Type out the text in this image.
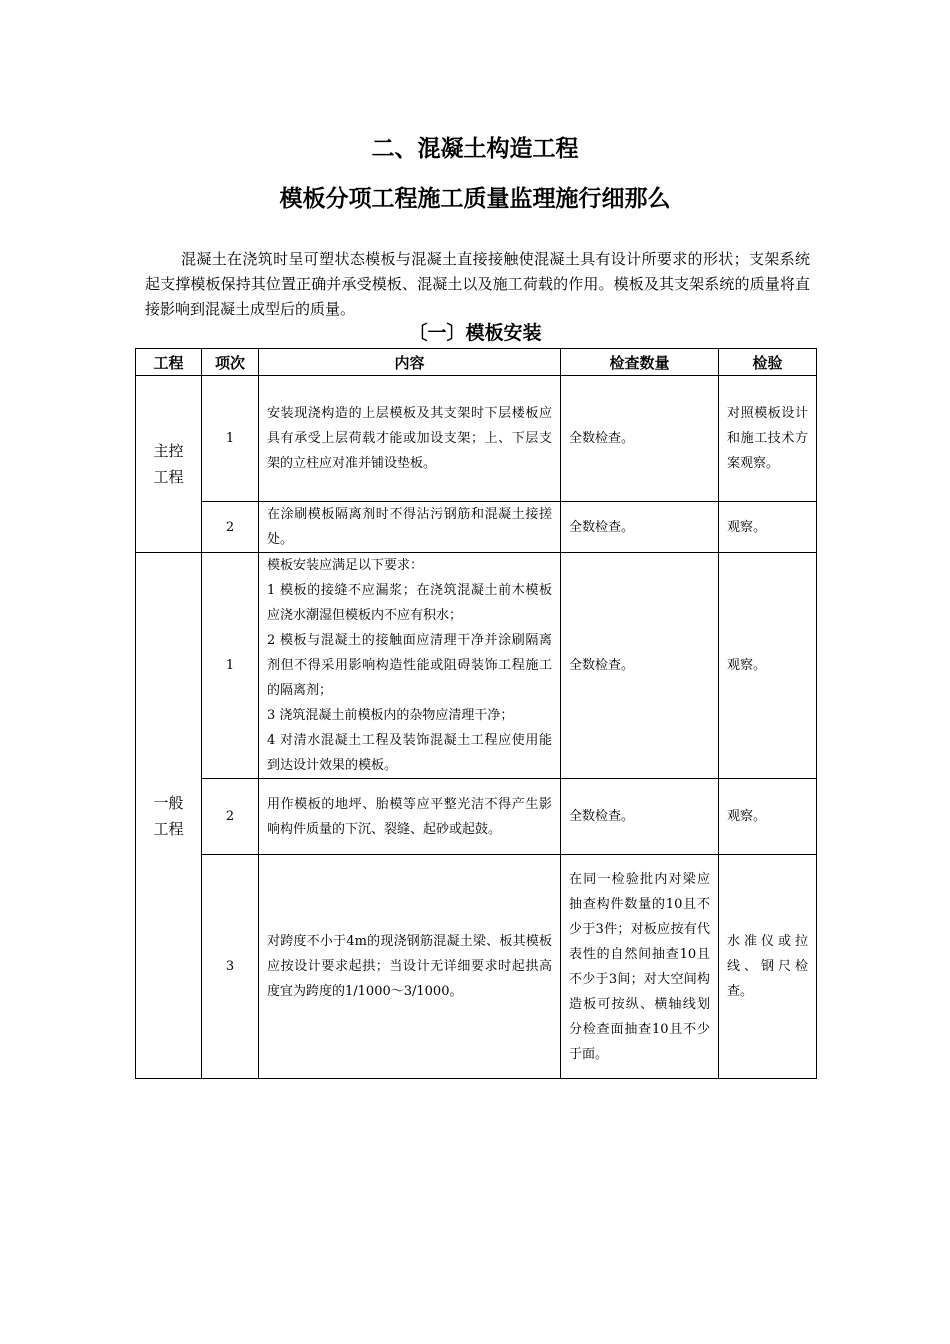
二、混凝土构造工程
模板分项工程施工质量监理施行细那么

混凝土在浇筑时呈可塑状态模板与混凝土直接接触使混凝土具有设计所要求的形状；支架系统起支撑模板保持其位置正确并承受模板、混凝土以及施工荷载的作用。模板及其支架系统的质量将直接影响到混凝土成型后的质量。

〔一〕模板安装
工程	项次	内容	检查数量	检验

主控
工程	1	安装现浇构造的上层模板及其支架时下层楼板应具有承受上层荷载才能或加设支架；上、下层支架的立柱应对准并铺设垫板。	全数检查。	对照模板设计和施工技术方案观察。
	2	在涂刷模板隔离剂时不得沾污钢筋和混凝土接搓处。	全数检查。	观察。

一般
工程	1	模板安装应满足以下要求：
1 模板的接缝不应漏浆；在浇筑混凝土前木模板应浇水潮湿但模板内不应有积水；
2 模板与混凝土的接触面应清理干净并涂刷隔离剂但不得采用影响构造性能或阻碍装饰工程施工的隔离剂；
3 浇筑混凝土前模板内的杂物应清理干净；
4 对清水混凝土工程及装饰混凝土工程应使用能到达设计效果的模板。	全数检查。	观察。
	2	用作模板的地坪、胎模等应平整光洁不得产生影响构件质量的下沉、裂缝、起砂或起鼓。	全数检查。	观察。
	3	对跨度不小于4m的现浇钢筋混凝土梁、板其模板应按设计要求起拱；当设计无详细要求时起拱高度宜为跨度的1/1000～3/1000。	在同一检验批内对梁应抽查构件数量的10且不少于3件；对板应按有代表性的自然间抽查10且不少于3间；对大空间构造板可按纵、横轴线划分检查面抽查10且不少于面。	水准仪或拉线、钢尺检查。
